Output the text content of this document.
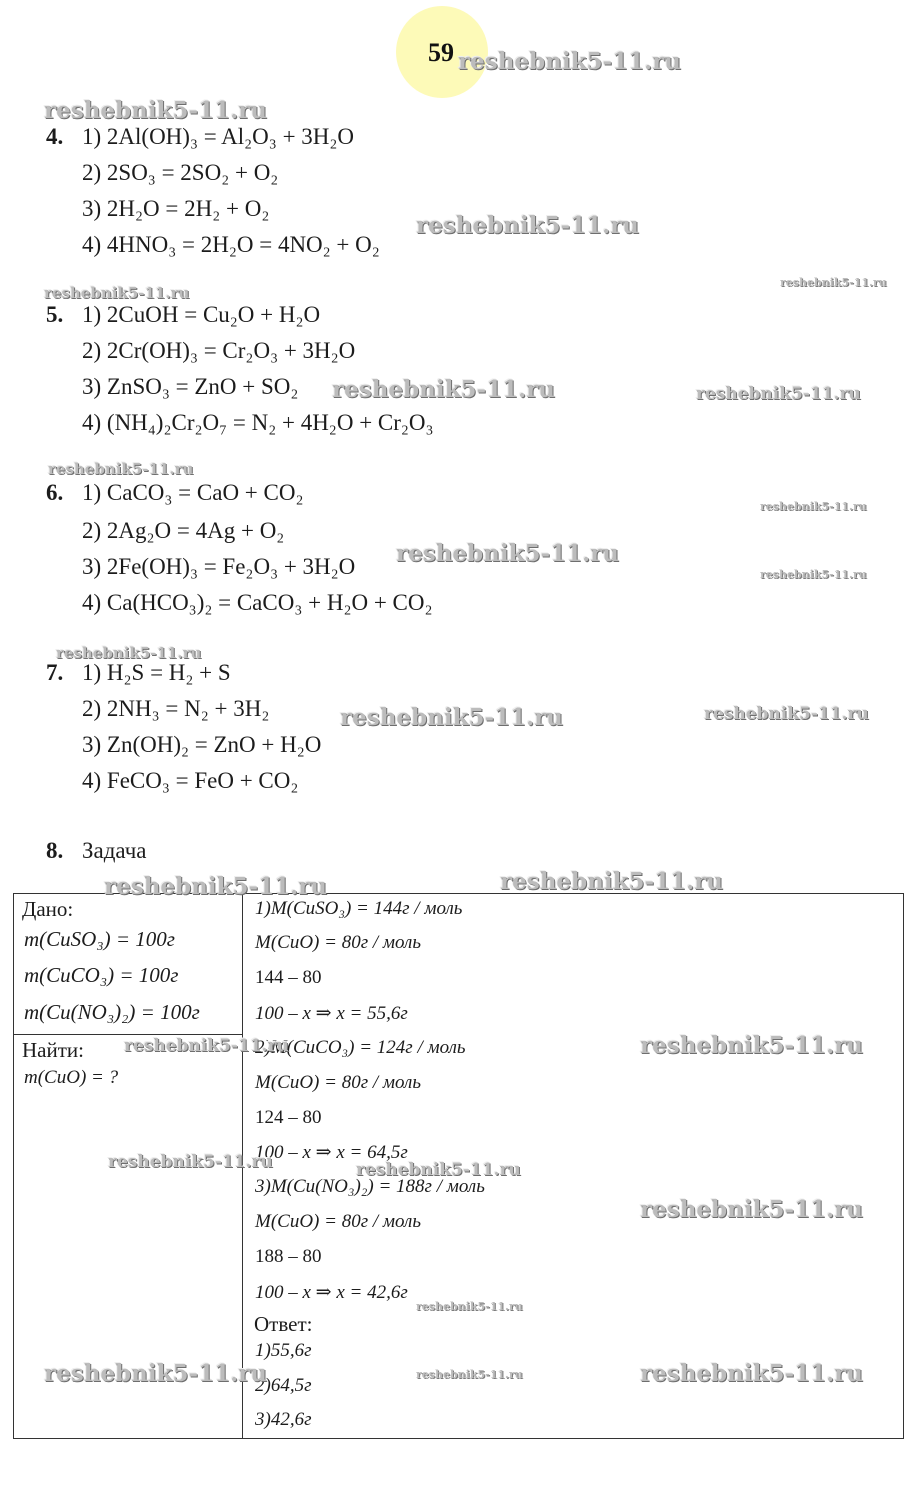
59
4. 1) 2Al(OH)₃ = Al₂O₃ + 3H₂O
2) 2SO₃ = 2SO₂ + O₂
3) 2H₂O = 2H₂ + O₂
4) 4HNO₃ = 2H₂O = 4NO₂ + O₂
5. 1) 2CuOH = Cu₂O + H₂O
2) 2Cr(OH)₃ = Cr₂O₃ + 3H₂O
3) ZnSO₃ = ZnO + SO₂
4) (NH₄)₂Cr₂O₇ = N₂ + 4H₂O + Cr₂O₃
6. 1) CaCO₃ = CaO + CO₂
2) 2Ag₂O = 4Ag + O₂
3) 2Fe(OH)₃ = Fe₂O₃ + 3H₂O
4) Ca(HCO₃)₂ = CaCO₃ + H₂O + CO₂
7. 1) H₂S = H₂ + S
2) 2NH₃ = N₂ + 3H₂
3) Zn(OH)₂ = ZnO + H₂O
4) FeCO₃ = FeO + CO₂
8. Задача
Дано:
m(CuSO₃) = 100г
m(CuCO₃) = 100г
m(Cu(NO₃)₂) = 100г
Найти:
m(CuO) = ?
1)M(CuSO₃) = 144г / моль
M(CuO) = 80г / моль
144 – 80
100 – x ⇒ x = 55,6г
2)M(CuCO₃) = 124г / моль
M(CuO) = 80г / моль
124 – 80
100 – x ⇒ x = 64,5г
3)M(Cu(NO₃)₂) = 188г / моль
M(CuO) = 80г / моль
188 – 80
100 – x ⇒ x = 42,6г
Ответ:
1)55,6г
2)64,5г
3)42,6г
reshebnik5-11.ru
reshebnik5-11.ru
reshebnik5-11.ru
reshebnik5-11.ru
reshebnik5-11.ru
reshebnik5-11.ru	reshebnik5-11.ru
reshebnik5-11.ru
reshebnik5-11.ru
reshebnik5-11.ru
reshebnik5-11.ru
reshebnik5-11.ru
reshebnik5-11.ru	reshebnik5-11.ru
reshebnik5-11.ru	reshebnik5-11.ru
reshebnik5-11.ru	reshebnik5-11.ru
reshebnik5-11.ru	reshebnik5-11.ru
reshebnik5-11.ru
reshebnik5-11.ru
reshebnik5-11.ru	reshebnik5-11.ru	reshebnik5-11.ru
